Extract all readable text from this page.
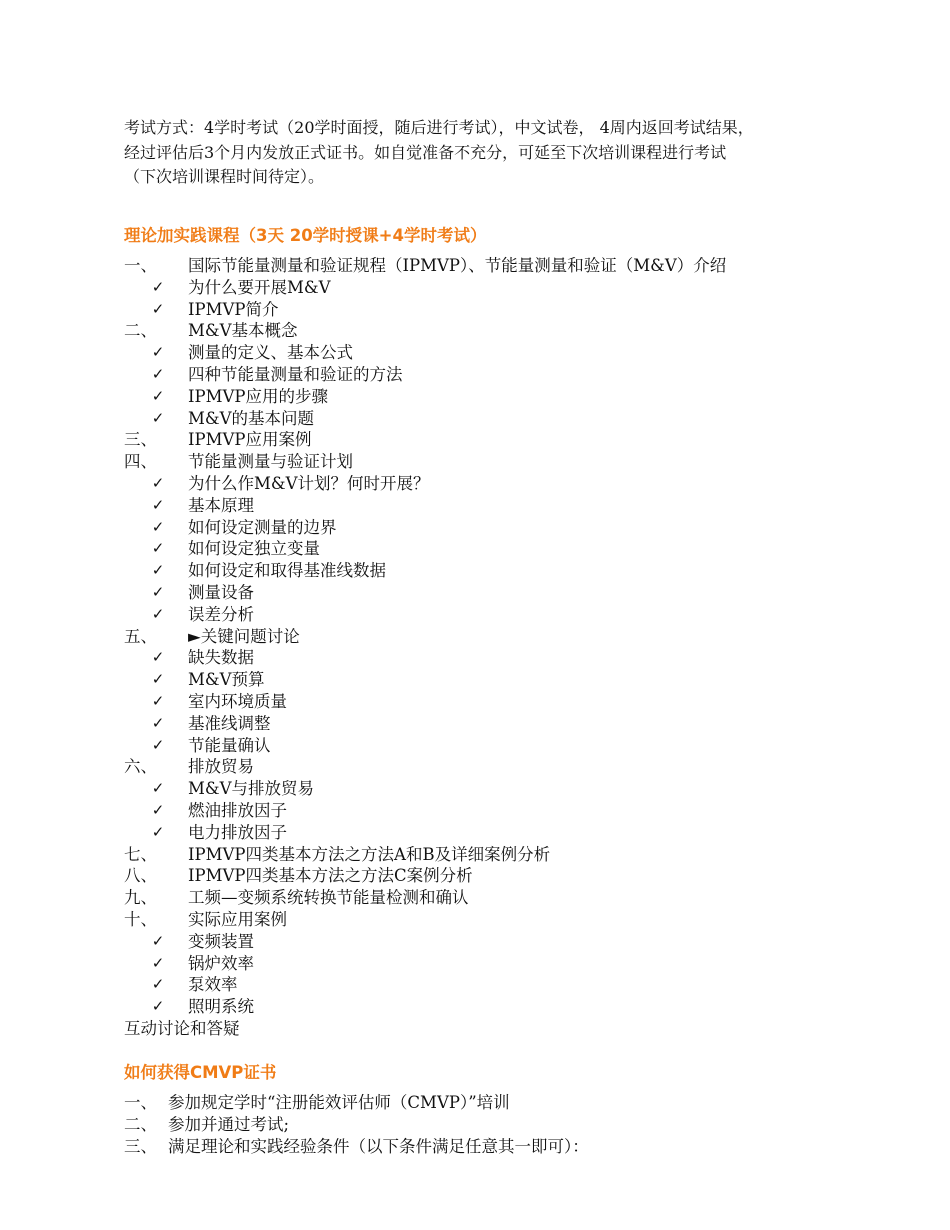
考试方式：4学时考试（20学时面授，随后进行考试），中文试卷， 4周内返回考试结果，

经过评估后3个月内发放正式证书。如自觉准备不充分，可延至下次培训课程进行考试

（下次培训课程时间待定）。

理论加实践课程（3天 20学时授课+4学时考试）
一、 国际节能量测量和验证规程（IPMVP）、节能量测量和验证（M&V）介绍
✓ 为什么要开展M&V
✓ IPMVP简介
二、 M&V基本概念
✓ 测量的定义、基本公式
✓ 四种节能量测量和验证的方法
✓ IPMVP应用的步骤
✓ M&V的基本问题
三、 IPMVP应用案例
四、 节能量测量与验证计划
✓ 为什么作M&V计划？何时开展？
✓ 基本原理
✓ 如何设定测量的边界
✓ 如何设定独立变量
✓ 如何设定和取得基准线数据
✓ 测量设备
✓ 误差分析
五、 ►关键问题讨论
✓ 缺失数据
✓ M&V预算
✓ 室内环境质量
✓ 基准线调整
✓ 节能量确认
六、 排放贸易
✓ M&V与排放贸易
✓ 燃油排放因子
✓ 电力排放因子
七、 IPMVP四类基本方法之方法A和B及详细案例分析
八、 IPMVP四类基本方法之方法C案例分析
九、 工频—变频系统转换节能量检测和确认
十、 实际应用案例
✓ 变频装置
✓ 锅炉效率
✓ 泵效率
✓ 照明系统
互动讨论和答疑
如何获得CMVP证书
一、 参加规定学时“注册能效评估师（CMVP）”培训
二、 参加并通过考试;
三、 满足理论和实践经验条件（以下条件满足任意其一即可）：
